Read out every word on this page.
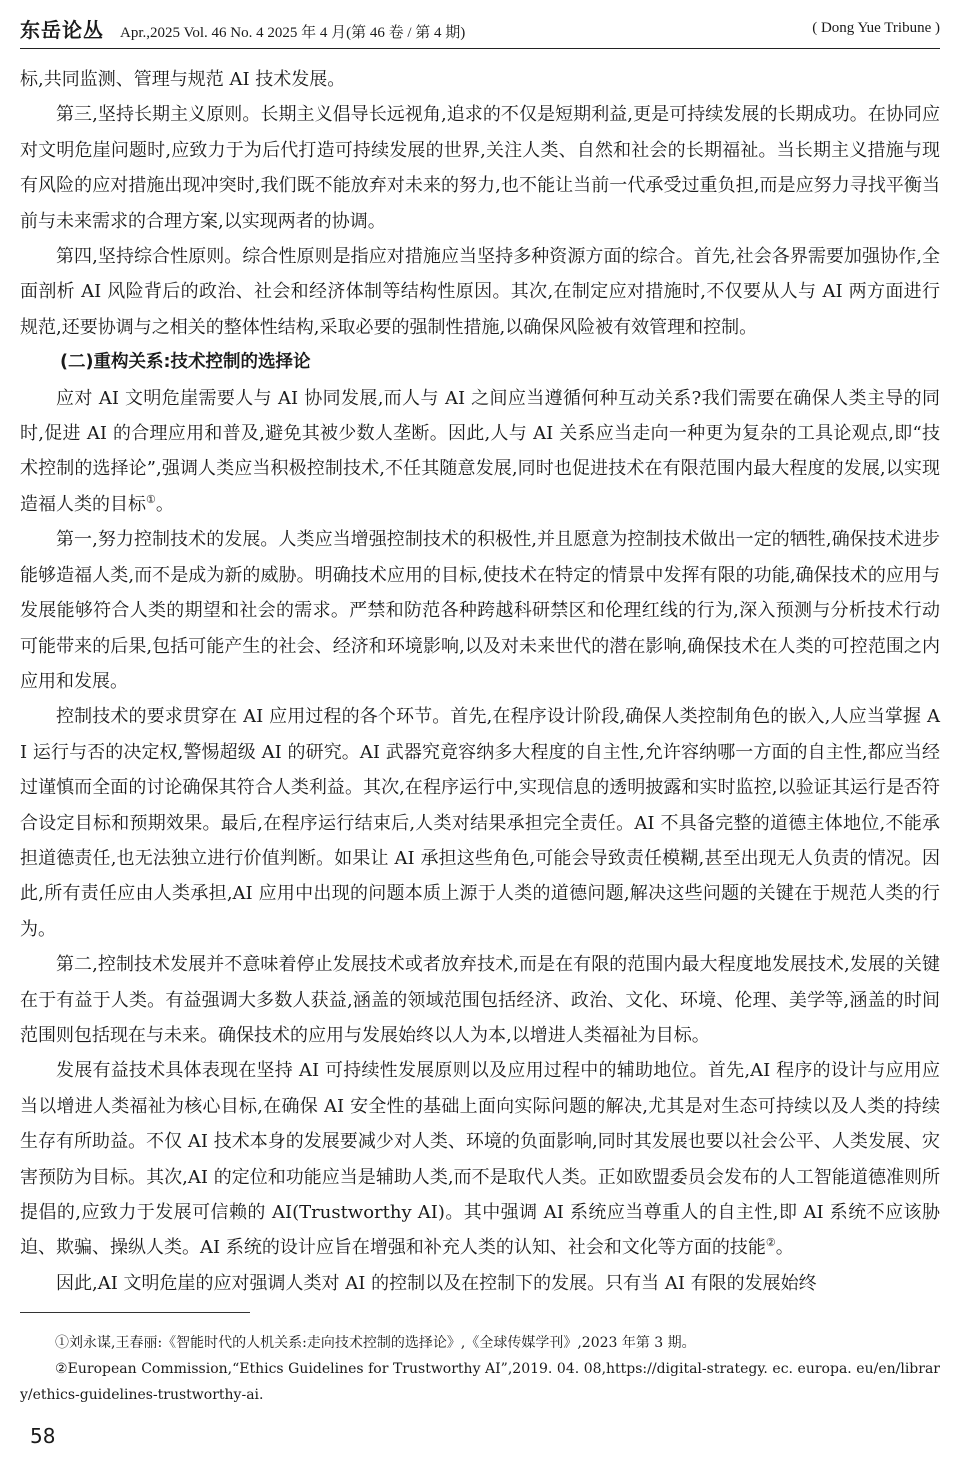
东岳论丛 Apr.,2025 Vol. 46 No. 4 2025 年 4 月(第 46 卷 / 第 4 期)	( Dong Yue Tribune )

标,共同监测、管理与规范 AI 技术发展。

第三,坚持长期主义原则。长期主义倡导长远视角,追求的不仅是短期利益,更是可持续发展的长期成功。在协同应对文明危崖问题时,应致力于为后代打造可持续发展的世界,关注人类、自然和社会的长期福祉。当长期主义措施与现有风险的应对措施出现冲突时,我们既不能放弃对未来的努力,也不能让当前一代承受过重负担,而是应努力寻找平衡当前与未来需求的合理方案,以实现两者的协调。

第四,坚持综合性原则。综合性原则是指应对措施应当坚持多种资源方面的综合。首先,社会各界需要加强协作,全面剖析 AI 风险背后的政治、社会和经济体制等结构性原因。其次,在制定应对措施时,不仅要从人与 AI 两方面进行规范,还要协调与之相关的整体性结构,采取必要的强制性措施,以确保风险被有效管理和控制。

(二)重构关系:技术控制的选择论

应对 AI 文明危崖需要人与 AI 协同发展,而人与 AI 之间应当遵循何种互动关系?我们需要在确保人类主导的同时,促进 AI 的合理应用和普及,避免其被少数人垄断。因此,人与 AI 关系应当走向一种更为复杂的工具论观点,即“技术控制的选择论”,强调人类应当积极控制技术,不任其随意发展,同时也促进技术在有限范围内最大程度的发展,以实现造福人类的目标①。

第一,努力控制技术的发展。人类应当增强控制技术的积极性,并且愿意为控制技术做出一定的牺牲,确保技术进步能够造福人类,而不是成为新的威胁。明确技术应用的目标,使技术在特定的情景中发挥有限的功能,确保技术的应用与发展能够符合人类的期望和社会的需求。严禁和防范各种跨越科研禁区和伦理红线的行为,深入预测与分析技术行动可能带来的后果,包括可能产生的社会、经济和环境影响,以及对未来世代的潜在影响,确保技术在人类的可控范围之内应用和发展。

控制技术的要求贯穿在 AI 应用过程的各个环节。首先,在程序设计阶段,确保人类控制角色的嵌入,人应当掌握 AI 运行与否的决定权,警惕超级 AI 的研究。AI 武器究竟容纳多大程度的自主性,允许容纳哪一方面的自主性,都应当经过谨慎而全面的讨论确保其符合人类利益。其次,在程序运行中,实现信息的透明披露和实时监控,以验证其运行是否符合设定目标和预期效果。最后,在程序运行结束后,人类对结果承担完全责任。AI 不具备完整的道德主体地位,不能承担道德责任,也无法独立进行价值判断。如果让 AI 承担这些角色,可能会导致责任模糊,甚至出现无人负责的情况。因此,所有责任应由人类承担,AI 应用中出现的问题本质上源于人类的道德问题,解决这些问题的关键在于规范人类的行为。

第二,控制技术发展并不意味着停止发展技术或者放弃技术,而是在有限的范围内最大程度地发展技术,发展的关键在于有益于人类。有益强调大多数人获益,涵盖的领域范围包括经济、政治、文化、环境、伦理、美学等,涵盖的时间范围则包括现在与未来。确保技术的应用与发展始终以人为本,以增进人类福祉为目标。

发展有益技术具体表现在坚持 AI 可持续性发展原则以及应用过程中的辅助地位。首先,AI 程序的设计与应用应当以增进人类福祉为核心目标,在确保 AI 安全性的基础上面向实际问题的解决,尤其是对生态可持续以及人类的持续生存有所助益。不仅 AI 技术本身的发展要减少对人类、环境的负面影响,同时其发展也要以社会公平、人类发展、灾害预防为目标。其次,AI 的定位和功能应当是辅助人类,而不是取代人类。正如欧盟委员会发布的人工智能道德准则所提倡的,应致力于发展可信赖的 AI(Trustworthy AI)。其中强调 AI 系统应当尊重人的自主性,即 AI 系统不应该胁迫、欺骗、操纵人类。AI 系统的设计应旨在增强和补充人类的认知、社会和文化等方面的技能②。

因此,AI 文明危崖的应对强调人类对 AI 的控制以及在控制下的发展。只有当 AI 有限的发展始终

①刘永谋,王春丽:《智能时代的人机关系:走向技术控制的选择论》,《全球传媒学刊》,2023 年第 3 期。

②European Commission,“Ethics Guidelines for Trustworthy AI”,2019. 04. 08,https://digital-strategy. ec. europa. eu/en/library/ethics-guidelines-trustworthy-ai.

58
